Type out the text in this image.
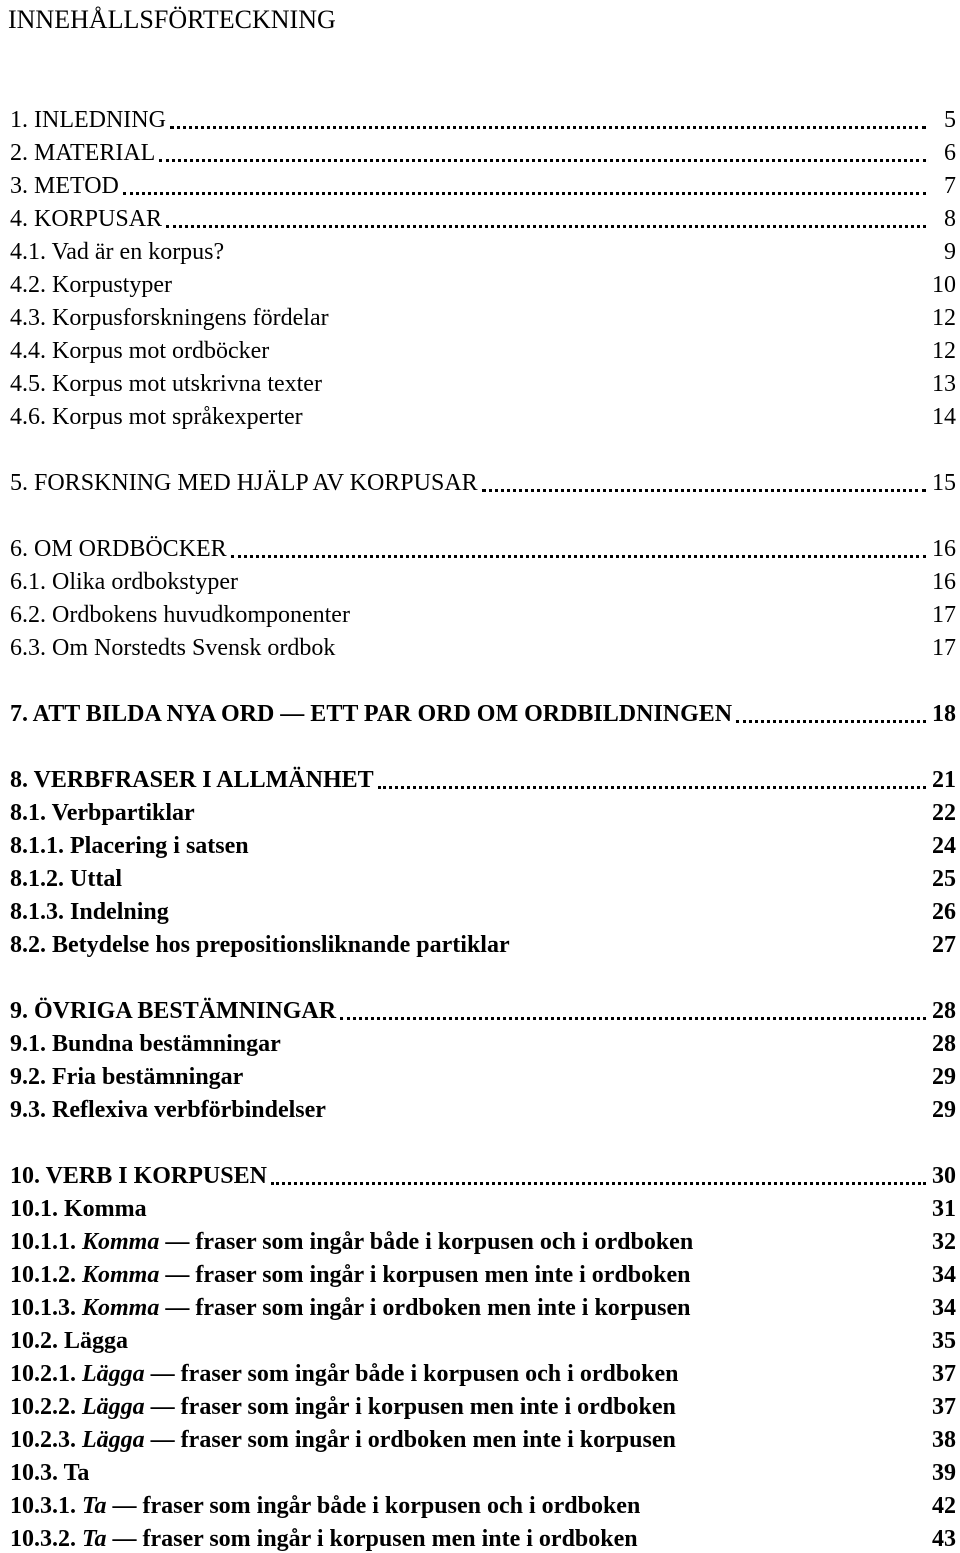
INNEHÅLLSFÖRTECKNING
1. INLEDNING	5
2. MATERIAL	6
3. METOD	7
4. KORPUSAR	8
4.1. Vad är en korpus?	9
4.2. Korpustyper	10
4.3. Korpusforskningens fördelar	12
4.4. Korpus mot ordböcker	12
4.5. Korpus mot utskrivna texter	13
4.6. Korpus mot språkexperter	14
5. FORSKNING MED HJÄLP AV KORPUSAR	15
6. OM ORDBÖCKER	16
6.1. Olika ordbokstyper	16
6.2. Ordbokens huvudkomponenter	17
6.3. Om Norstedts Svensk ordbok	17
7. ATT BILDA NYA ORD — ETT PAR ORD OM ORDBILDNINGEN	18
8. VERBFRASER I ALLMÄNHET	21
8.1. Verbpartiklar	22
8.1.1. Placering i satsen	24
8.1.2. Uttal	25
8.1.3. Indelning	26
8.2. Betydelse hos prepositionsliknande partiklar	27
9. ÖVRIGA BESTÄMNINGAR	28
9.1. Bundna bestämningar	28
9.2. Fria bestämningar	29
9.3. Reflexiva verbförbindelser	29
10. VERB I KORPUSEN	30
10.1. Komma	31
10.1.1. Komma — fraser som ingår både i korpusen och i ordboken	32
10.1.2. Komma — fraser som ingår i korpusen men inte i ordboken	34
10.1.3. Komma — fraser som ingår i ordboken men inte i korpusen	34
10.2. Lägga	35
10.2.1. Lägga — fraser som ingår både i korpusen och i ordboken	37
10.2.2. Lägga — fraser som ingår i korpusen men inte i ordboken	37
10.2.3. Lägga — fraser som ingår i ordboken men inte i korpusen	38
10.3. Ta	39
10.3.1. Ta — fraser som ingår både i korpusen och i ordboken	42
10.3.2. Ta — fraser som ingår i korpusen men inte i ordboken	43
